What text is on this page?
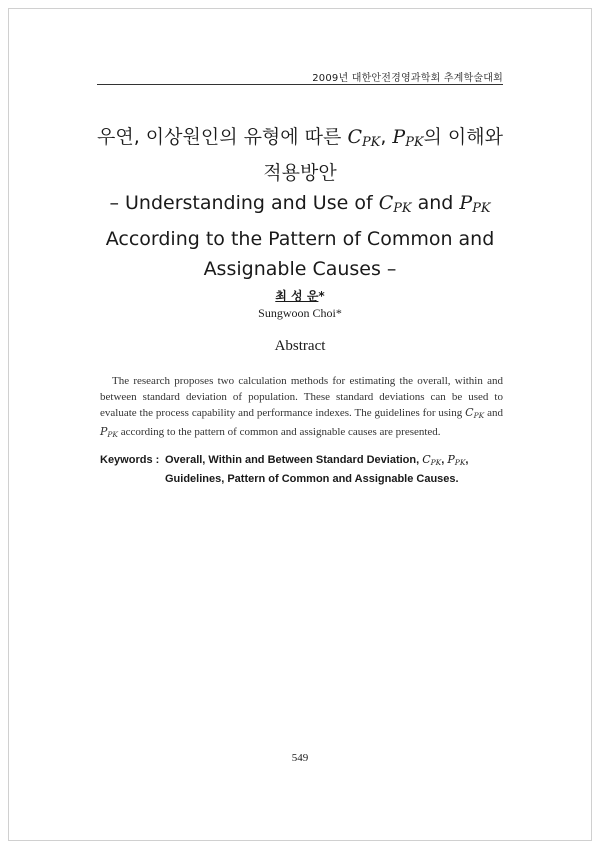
2009년 대한안전경영과학회 추계학술대회
우연, 이상원인의 유형에 따른 $C_{PK}$, $P_{PK}$의 이해와
적용방안
– Understanding and Use of $C_{PK}$ and $P_{PK}$
According to the Pattern of Common and
Assignable Causes –
최 성 운*
Sungwoon Choi*
Abstract
The research proposes two calculation methods for estimating the overall, within and between standard deviation of population. These standard deviations can be used to evaluate the process capability and performance indexes. The guidelines for using $C_{PK}$ and $P_{PK}$ according to the pattern of common and assignable causes are presented.
Keywords : Overall, Within and Between Standard Deviation, $C_{PK}$, $P_{PK}$, Guidelines, Pattern of Common and Assignable Causes.
549
